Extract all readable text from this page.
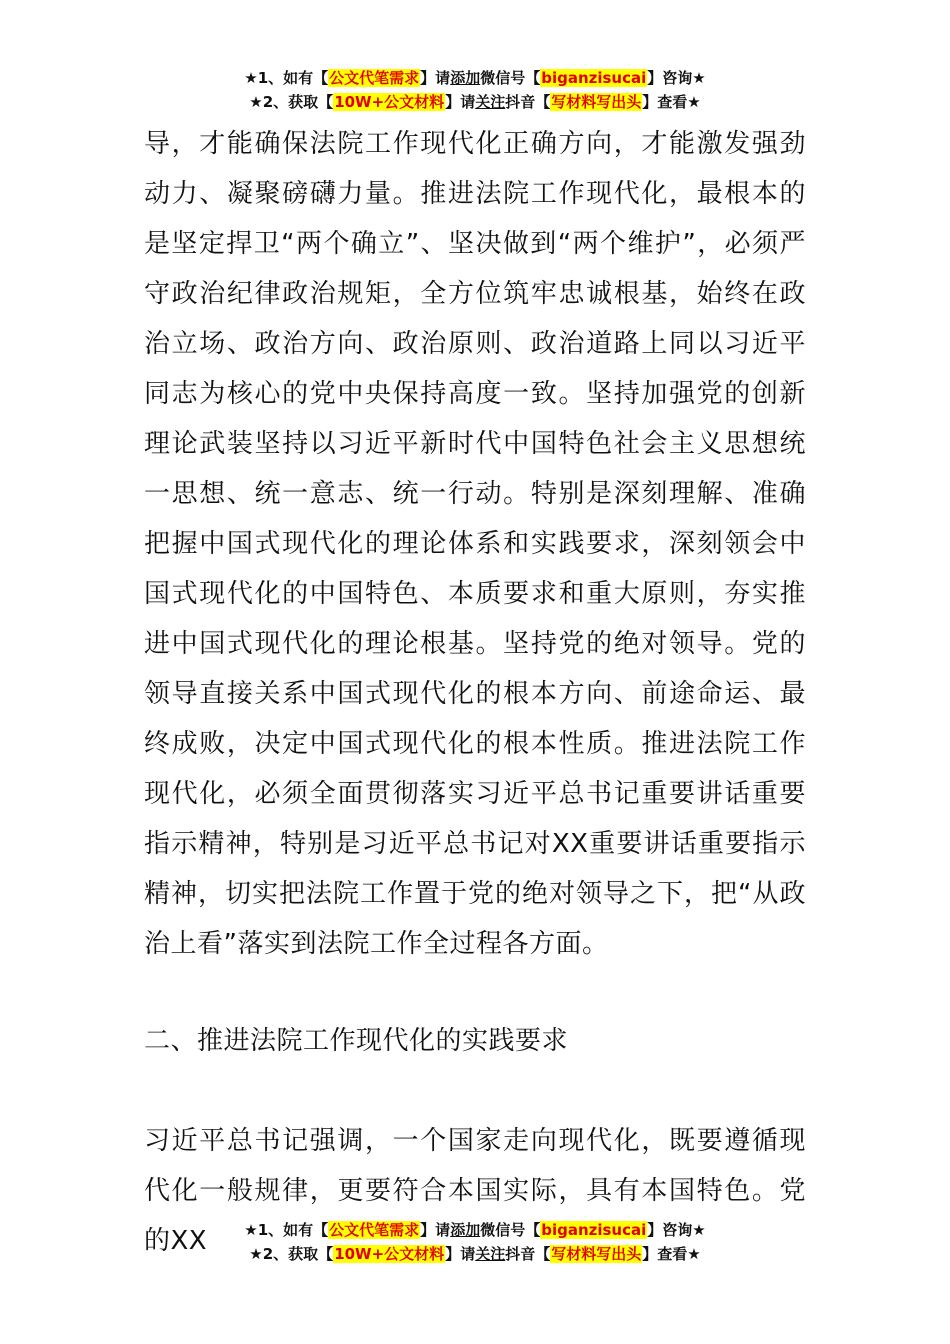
★1、如有【公文代笔需求】请添加微信号【biganzisucai】咨询★
★2、获取【10W+公文材料】请关注抖音【写材料写出头】查看★

导，才能确保法院工作现代化正确方向，才能激发强劲动力、凝聚磅礴力量。推进法院工作现代化，最根本的是坚定捍卫“两个确立”、坚决做到“两个维护”，必须严守政治纪律政治规矩，全方位筑牢忠诚根基，始终在政治立场、政治方向、政治原则、政治道路上同以习近平同志为核心的党中央保持高度一致。坚持加强党的创新理论武装坚持以习近平新时代中国特色社会主义思想统一思想、统一意志、统一行动。特别是深刻理解、准确把握中国式现代化的理论体系和实践要求，深刻领会中国式现代化的中国特色、本质要求和重大原则，夯实推进中国式现代化的理论根基。坚持党的绝对领导。党的领导直接关系中国式现代化的根本方向、前途命运、最终成败，决定中国式现代化的根本性质。推进法院工作现代化，必须全面贯彻落实习近平总书记重要讲话重要指示精神，特别是习近平总书记对XX重要讲话重要指示精神，切实把法院工作置于党的绝对领导之下，把“从政治上看”落实到法院工作全过程各方面。

二、推进法院工作现代化的实践要求

习近平总书记强调，一个国家走向现代化，既要遵循现代化一般规律，更要符合本国实际，具有本国特色。党的XX	★1、如有【公文代笔需求】请添加微信号【biganzisucai】咨询★
★2、获取【10W+公文材料】请关注抖音【写材料写出头】查看★
